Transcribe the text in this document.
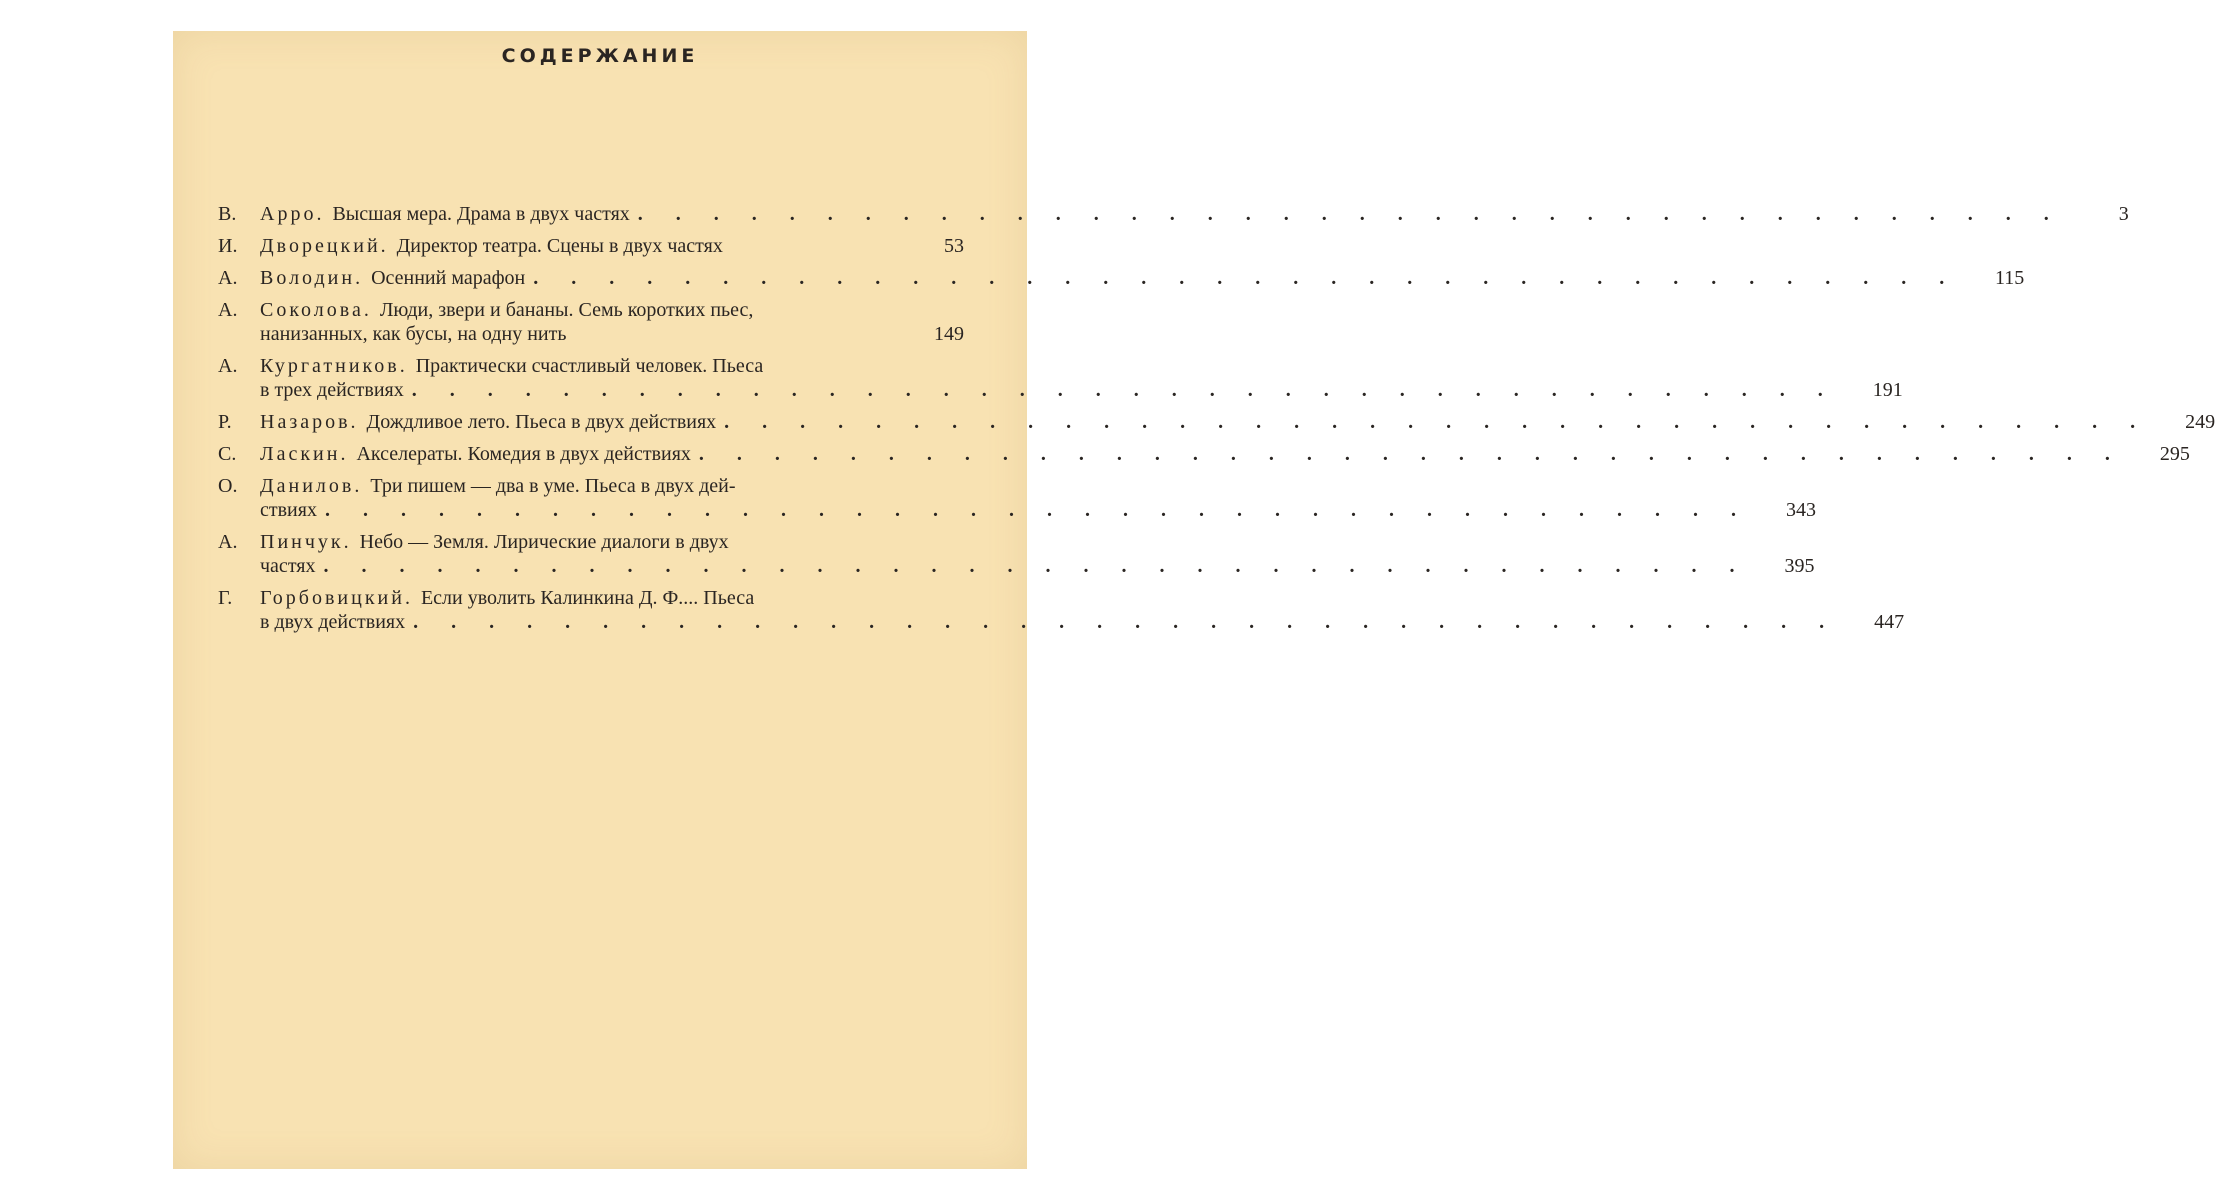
СОДЕРЖАНИЕ
В.	Арро. Высшая мера. Драма в двух частях . . . . . . . . . . . . . . . . . . . . . . . . . . . . . . . . . . . . . .	3
И.	Дворецкий. Директор театра. Сцены в двух частях	53
А.	Володин. Осенний марафон . . . . . . . . . . . . . . . . . . . . . . . . . . . . . . . . . . . . . .	115
А.	Соколова. Люди, звери и бананы. Семь коротких пьес,
нанизанных, как бусы, на одну нить	149
А.	Кургатников. Практически счастливый человек. Пьеса
в трех действиях . . . . . . . . . . . . . . . . . . . . . . . . . . . . . . . . . . . . . .	191
Р.	Назаров. Дождливое лето. Пьеса в двух действиях . . . . . . . . . . . . . . . . . . . . . . . . . . . . . . . . . . . . . .	249
С.	Ласкин. Акселераты. Комедия в двух действиях . . . . . . . . . . . . . . . . . . . . . . . . . . . . . . . . . . . . . .	295
О.	Данилов. Три пишем — два в уме. Пьеса в двух дей-
ствиях . . . . . . . . . . . . . . . . . . . . . . . . . . . . . . . . . . . . . .	343
А.	Пинчук. Небо — Земля. Лирические диалоги в двух
частях . . . . . . . . . . . . . . . . . . . . . . . . . . . . . . . . . . . . . .	395
Г.	Горбовицкий. Если уволить Калинкина Д. Ф.... Пьеса
в двух действиях . . . . . . . . . . . . . . . . . . . . . . . . . . . . . . . . . . . . . .	447
